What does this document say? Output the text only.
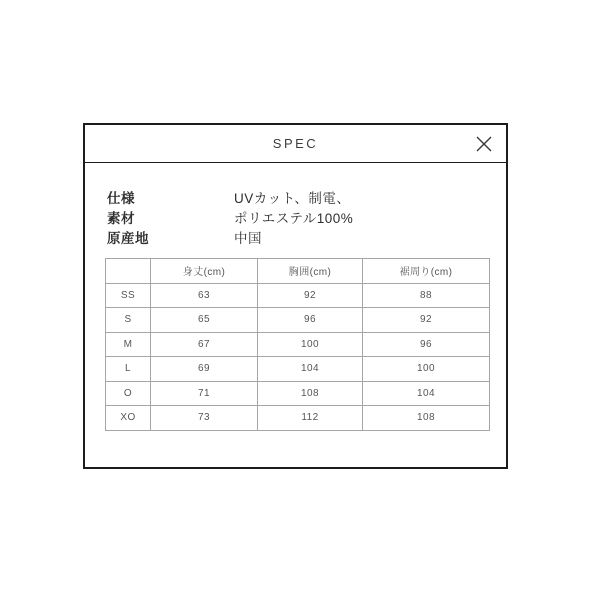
SPEC
仕様	UVカット、制電、
素材	ポリエステル100%
原産地	中国
	身丈(cm)	胸囲(cm)	裾周り(cm)
SS	63	92	88
S	65	96	92
M	67	100	96
L	69	104	100
O	71	108	104
XO	73	112	108
